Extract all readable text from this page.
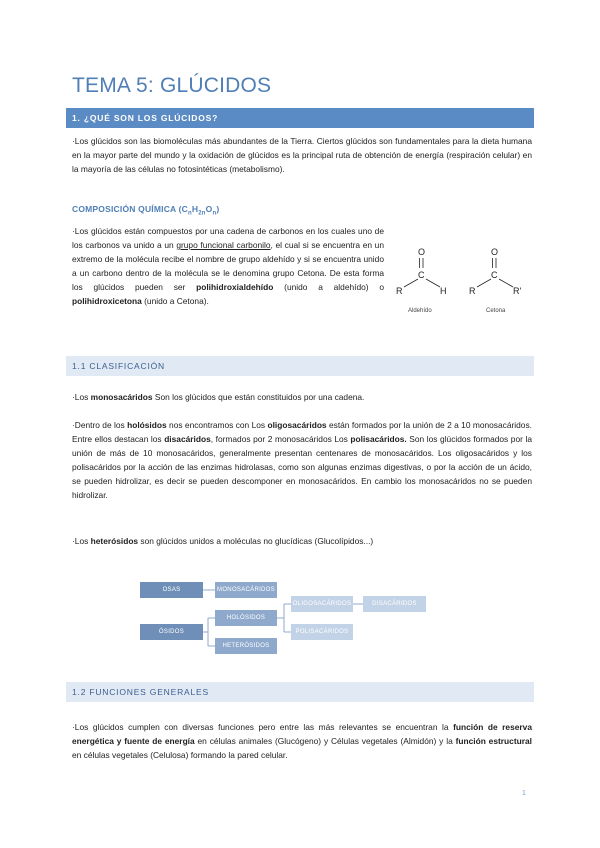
TEMA 5: GLÚCIDOS
1. ¿QUÉ SON LOS GLÚCIDOS?

·Los glúcidos son las biomoléculas más abundantes de la Tierra. Ciertos glúcidos son fundamentales para la dieta humana en la mayor parte del mundo y la oxidación de glúcidos es la principal ruta de obtención de energía (respiración celular) en la mayoría de las células no fotosintéticas (metabolismo).

COMPOSICIÓN QUÍMICA $(C_nH_{2n}O_n)$

·Los glúcidos están compuestos por una cadena de carbonos en los cuales uno de los carbonos va unido a un grupo funcional carbonilo, el cual si se encuentra en un extremo de la molécula recibe el nombre de grupo aldehído y si se encuentra unido a un carbono dentro de la molécula se le denomina grupo Cetona. De esta forma los glúcidos pueden ser polihidroxialdehído (unido a aldehído) o polihidroxicetona (unido a Cetona).

O
C
R	H
Aldehído
O
C
R	R'
Cetona
1.1 CLASIFICACIÓN

·Los monosacáridos Son los glúcidos que están constituidos por una cadena.

·Dentro de los holósidos nos encontramos con Los oligosacáridos están formados por la unión de 2 a 10 monosacáridos. Entre ellos destacan los disacáridos, formados por 2 monosacáridos Los polisacáridos. Son los glúcidos formados por la unión de más de 10 monosacáridos, generalmente presentan centenares de monosacáridos. Los oligosacáridos y los polisacáridos por la acción de las enzimas hidrolasas, como son algunas enzimas digestivas, o por la acción de un ácido, se pueden hidrolizar, es decir se pueden descomponer en monosacáridos. En cambio los monosacáridos no se pueden hidrolizar.

·Los heterósidos son glúcidos unidos a moléculas no glucídicas (Glucolípidos...)

OSAS	MONOSACÁRIDOS
HOLÓSIDOS
ÓSIDOS
HETERÓSIDOS
OLIGOSACÁRIDOS	DISACÁRIDOS
POLISACÁRIDOS
1.2 FUNCIONES GENERALES

·Los glúcidos cumplen con diversas funciones pero entre las más relevantes se encuentran la función de reserva energética y fuente de energía en células animales (Glucógeno) y Células vegetales (Almidón) y la función estructural en células vegetales (Celulosa) formando la pared celular.

1
